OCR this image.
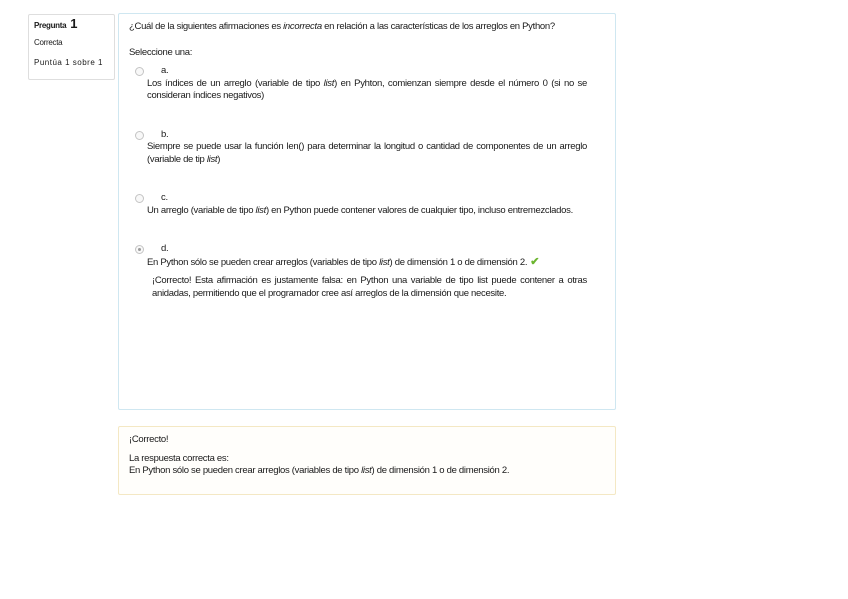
Pregunta 1
Correcta
Puntúa 1 sobre 1

¿Cuál de la siguientes afirmaciones es incorrecta en relación a las características de los arreglos en Python?

Seleccione una:
a.
Los índices de un arreglo (variable de tipo list) en Pyhton, comienzan siempre desde el número 0 (si no se consideran índices negativos)
b.
Siempre se puede usar la función len() para determinar la longitud o cantidad de componentes de un arreglo (variable de tip list)
c.
Un arreglo (variable de tipo list) en Python puede contener valores de cualquier tipo, incluso entremezclados.
d.
En Python sólo se pueden crear arreglos (variables de tipo list) de dimensión 1 o de dimensión 2. ✔
¡Correcto! Esta afirmación es justamente falsa: en Python una variable de tipo list puede contener a otras anidadas, permitiendo que el programador cree así arreglos de la dimensión que necesite.
¡Correcto!
La respuesta correcta es:
En Python sólo se pueden crear arreglos (variables de tipo list) de dimensión 1 o de dimensión 2.
